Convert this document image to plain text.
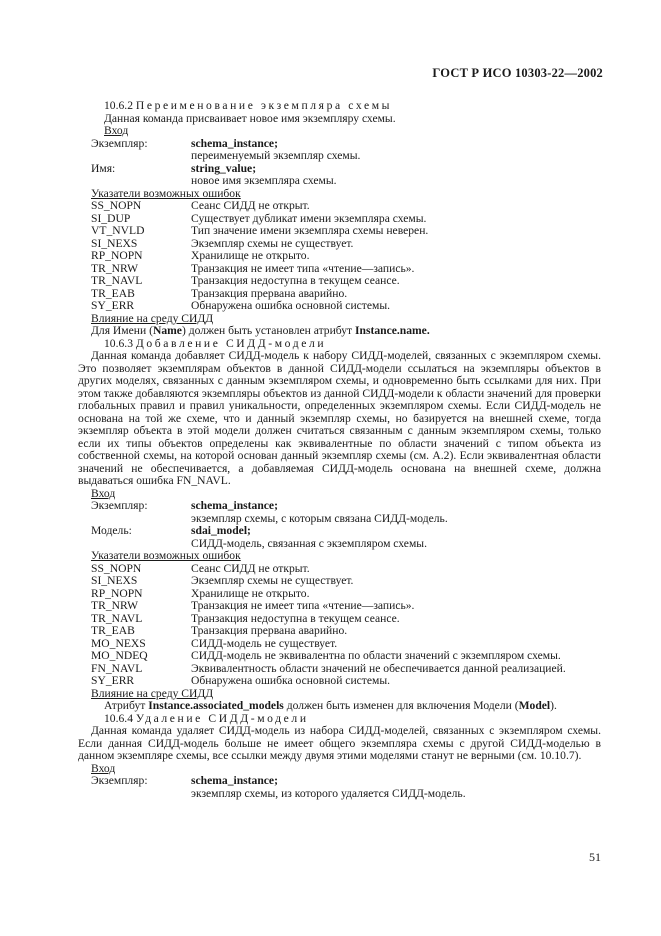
ГОСТ Р ИСО 10303-22—2002
10.6.2 Переименование экземпляра схемы
Данная команда присваивает новое имя экземпляру схемы.
Вход
Экземпляр:	schema_instance;
переименуемый экземпляр схемы.
Имя:	string_value;
новое имя экземпляра схемы.
Указатели возможных ошибок
SS_NOPN	Сеанс СИДД не открыт.
SI_DUP	Существует дубликат имени экземпляра схемы.
VT_NVLD	Тип значение имени экземпляра схемы неверен.
SI_NEXS	Экземпляр схемы не существует.
RP_NOPN	Хранилище не открыто.
TR_NRW	Транзакция не имеет типа «чтение—запись».
TR_NAVL	Транзакция недоступна в текущем сеансе.
TR_EAB	Транзакция прервана аварийно.
SY_ERR	Обнаружена ошибка основной системы.
Влияние на среду СИДД
Для Имени (Name) должен быть установлен атрибут Instance.name.
10.6.3 Добавление СИДД-модели

Данная команда добавляет СИДД-модель к набору СИДД-моделей, связанных с экземпляром схемы. Это позволяет экземплярам объектов в данной СИДД-модели ссылаться на экземпляры объектов в других моделях, связанных с данным экземпляром схемы, и одновременно быть ссылками для них. При этом также добавляются экземпляры объектов из данной СИДД-модели к области значений для проверки глобальных правил и правил уникальности, определенных экземпляром схемы. Если СИДД-модель не основана на той же схеме, что и данный экземпляр схемы, но базируется на внешней схеме, тогда экземпляр объекта в этой модели должен считаться связанным с данным экземпляром схемы, только если их типы объектов определены как эквивалентные по области значений с типом объекта из собственной схемы, на которой основан данный экземпляр схемы (см. А.2). Если эквивалентная области значений не обеспечивается, а добавляемая СИДД-модель основана на внешней схеме, должна выдаваться ошибка FN_NAVL.

Вход
Экземпляр:	schema_instance;
экземпляр схемы, с которым связана СИДД-модель.
Модель:	sdai_model;
СИДД-модель, связанная с экземпляром схемы.
Указатели возможных ошибок
SS_NOPN	Сеанс СИДД не открыт.
SI_NEXS	Экземпляр схемы не существует.
RP_NOPN	Хранилище не открыто.
TR_NRW	Транзакция не имеет типа «чтение—запись».
TR_NAVL	Транзакция недоступна в текущем сеансе.
TR_EAB	Транзакция прервана аварийно.
MO_NEXS	СИДД-модель не существует.
MO_NDEQ	СИДД-модель не эквивалентна по области значений с экземпляром схемы.
FN_NAVL	Эквивалентность области значений не обеспечивается данной реализацией.
SY_ERR	Обнаружена ошибка основной системы.
Влияние на среду СИДД
Атрибут Instance.associated_models должен быть изменен для включения Модели (Model).
10.6.4 Удаление СИДД-модели

Данная команда удаляет СИДД-модель из набора СИДД-моделей, связанных с экземпляром схемы. Если данная СИДД-модель больше не имеет общего экземпляра схемы с другой СИДД-моделью в данном экземпляре схемы, все ссылки между двумя этими моделями станут не верными (см. 10.10.7).

Вход
Экземпляр:	schema_instance;
экземпляр схемы, из которого удаляется СИДД-модель.
51
